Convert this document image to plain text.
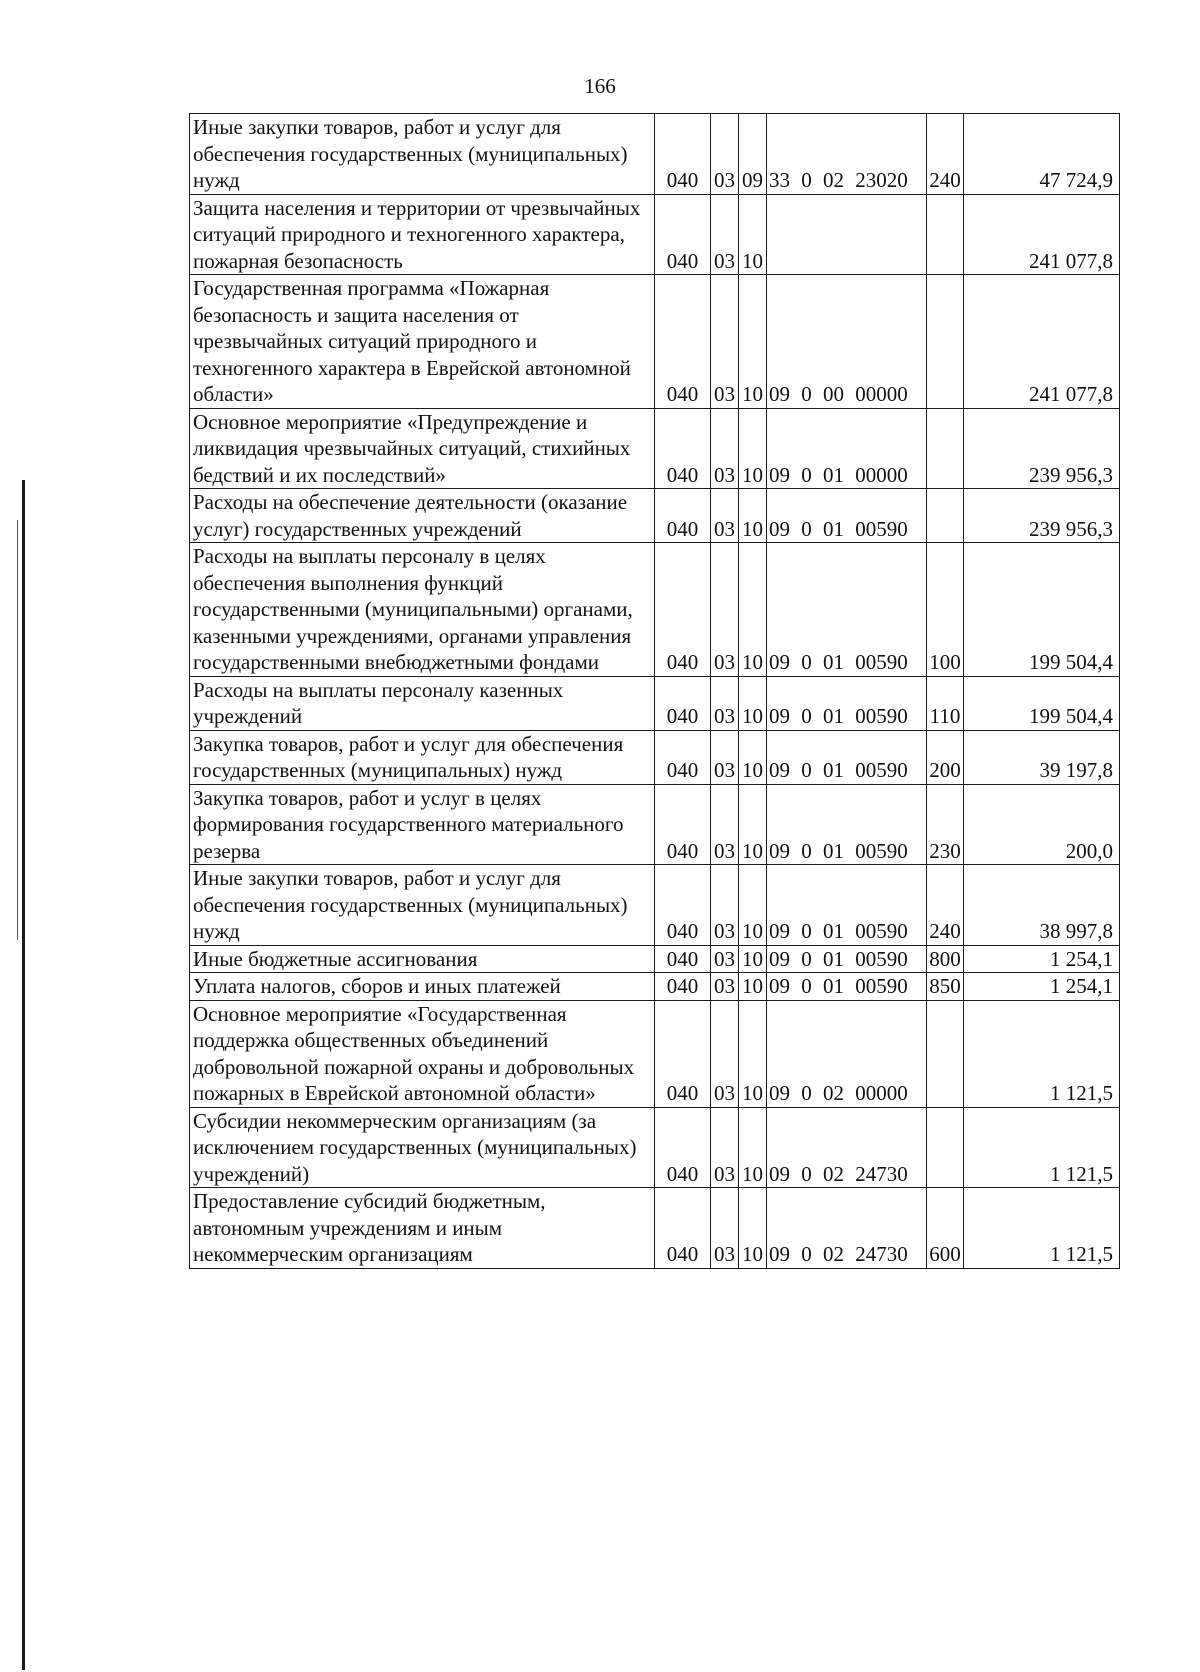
166
Иные закупки товаров, работ и услуг для обеспечения государственных (муниципальных) нужд	040	03	09	33 0 02 23020	240	47 724,9
Защита населения и территории от чрезвычайных ситуаций природного и техногенного характера, пожарная безопасность	040	03	10			241 077,8
Государственная программа «Пожарная безопасность и защита населения от чрезвычайных ситуаций природного и техногенного характера в Еврейской автономной области»	040	03	10	09 0 00 00000		241 077,8
Основное мероприятие «Предупреждение и ликвидация чрезвычайных ситуаций, стихийных бедствий и их последствий»	040	03	10	09 0 01 00000		239 956,3
Расходы на обеспечение деятельности (оказание услуг) государственных учреждений	040	03	10	09 0 01 00590		239 956,3
Расходы на выплаты персоналу в целях обеспечения выполнения функций государственными (муниципальными) органами, казенными учреждениями, органами управления государственными внебюджетными фондами	040	03	10	09 0 01 00590	100	199 504,4
Расходы на выплаты персоналу казенных учреждений	040	03	10	09 0 01 00590	110	199 504,4
Закупка товаров, работ и услуг для обеспечения государственных (муниципальных) нужд	040	03	10	09 0 01 00590	200	39 197,8
Закупка товаров, работ и услуг в целях формирования государственного материального резерва	040	03	10	09 0 01 00590	230	200,0
Иные закупки товаров, работ и услуг для обеспечения государственных (муниципальных) нужд	040	03	10	09 0 01 00590	240	38 997,8
Иные бюджетные ассигнования	040	03	10	09 0 01 00590	800	1 254,1
Уплата налогов, сборов и иных платежей	040	03	10	09 0 01 00590	850	1 254,1
Основное мероприятие «Государственная поддержка общественных объединений добровольной пожарной охраны и добровольных пожарных в Еврейской автономной области»	040	03	10	09 0 02 00000		1 121,5
Субсидии некоммерческим организациям (за исключением государственных (муниципальных) учреждений)	040	03	10	09 0 02 24730		1 121,5
Предоставление субсидий бюджетным, автономным учреждениям и иным некоммерческим организациям	040	03	10	09 0 02 24730	600	1 121,5
